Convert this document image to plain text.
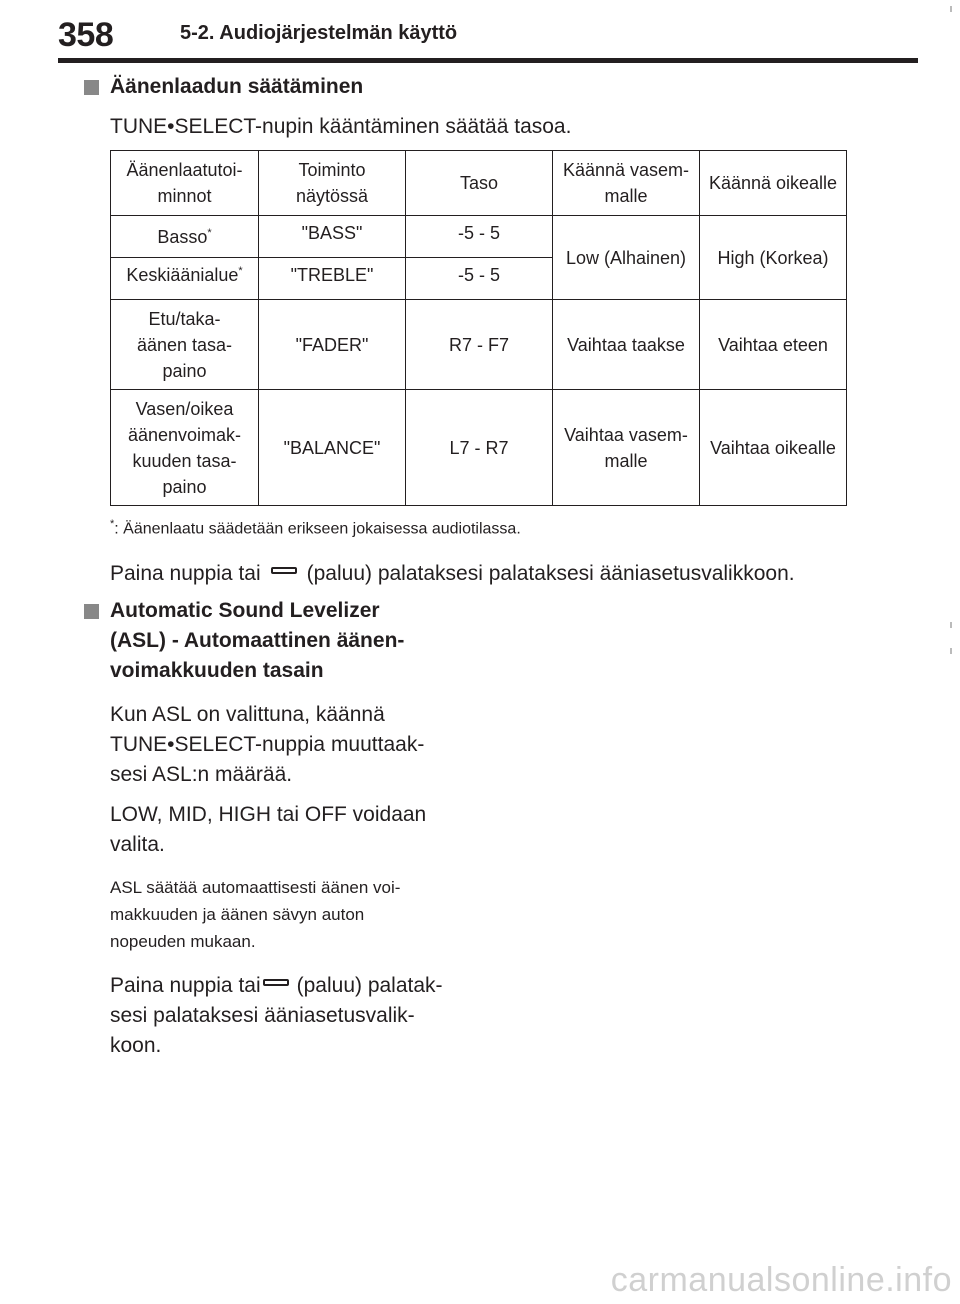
358	5-2. Audiojärjestelmän käyttö
Äänenlaadun säätäminen
TUNE•SELECT-nupin kääntäminen säätää tasoa.
Äänenlaatutoi-minnot	Toiminto näytössä	Taso	Käännä vasem-malle	Käännä oikealle
Basso*	"BASS"	-5 - 5	Low (Alhainen)	High (Korkea)
Keskiäänialue*	"TREBLE"	-5 - 5		
Etu/taka-äänen tasa-paino	"FADER"	R7 - F7	Vaihtaa taakse	Vaihtaa eteen
Vasen/oikea äänenvoimak-kuuden tasa-paino	"BALANCE"	L7 - R7	Vaihtaa vasem-malle	Vaihtaa oikealle
*: Äänenlaatu säädetään erikseen jokaisessa audiotilassa.
Paina nuppia tai (paluu) palataksesi palataksesi ääniasetusvalikkoon.
Automatic Sound Levelizer
(ASL) - Automaattinen äänen-
voimakkuuden tasain
Kun ASL on valittuna, käännä
TUNE•SELECT-nuppia muuttaak-
sesi ASL:n määrää.
LOW, MID, HIGH tai OFF voidaan
valita.
ASL säätää automaattisesti äänen voi-
makkuuden ja äänen sävyn auton
nopeuden mukaan.
Paina nuppia tai (paluu) palatak-
sesi palataksesi ääniasetusvalik-
koon.
carmanualsonline.info
